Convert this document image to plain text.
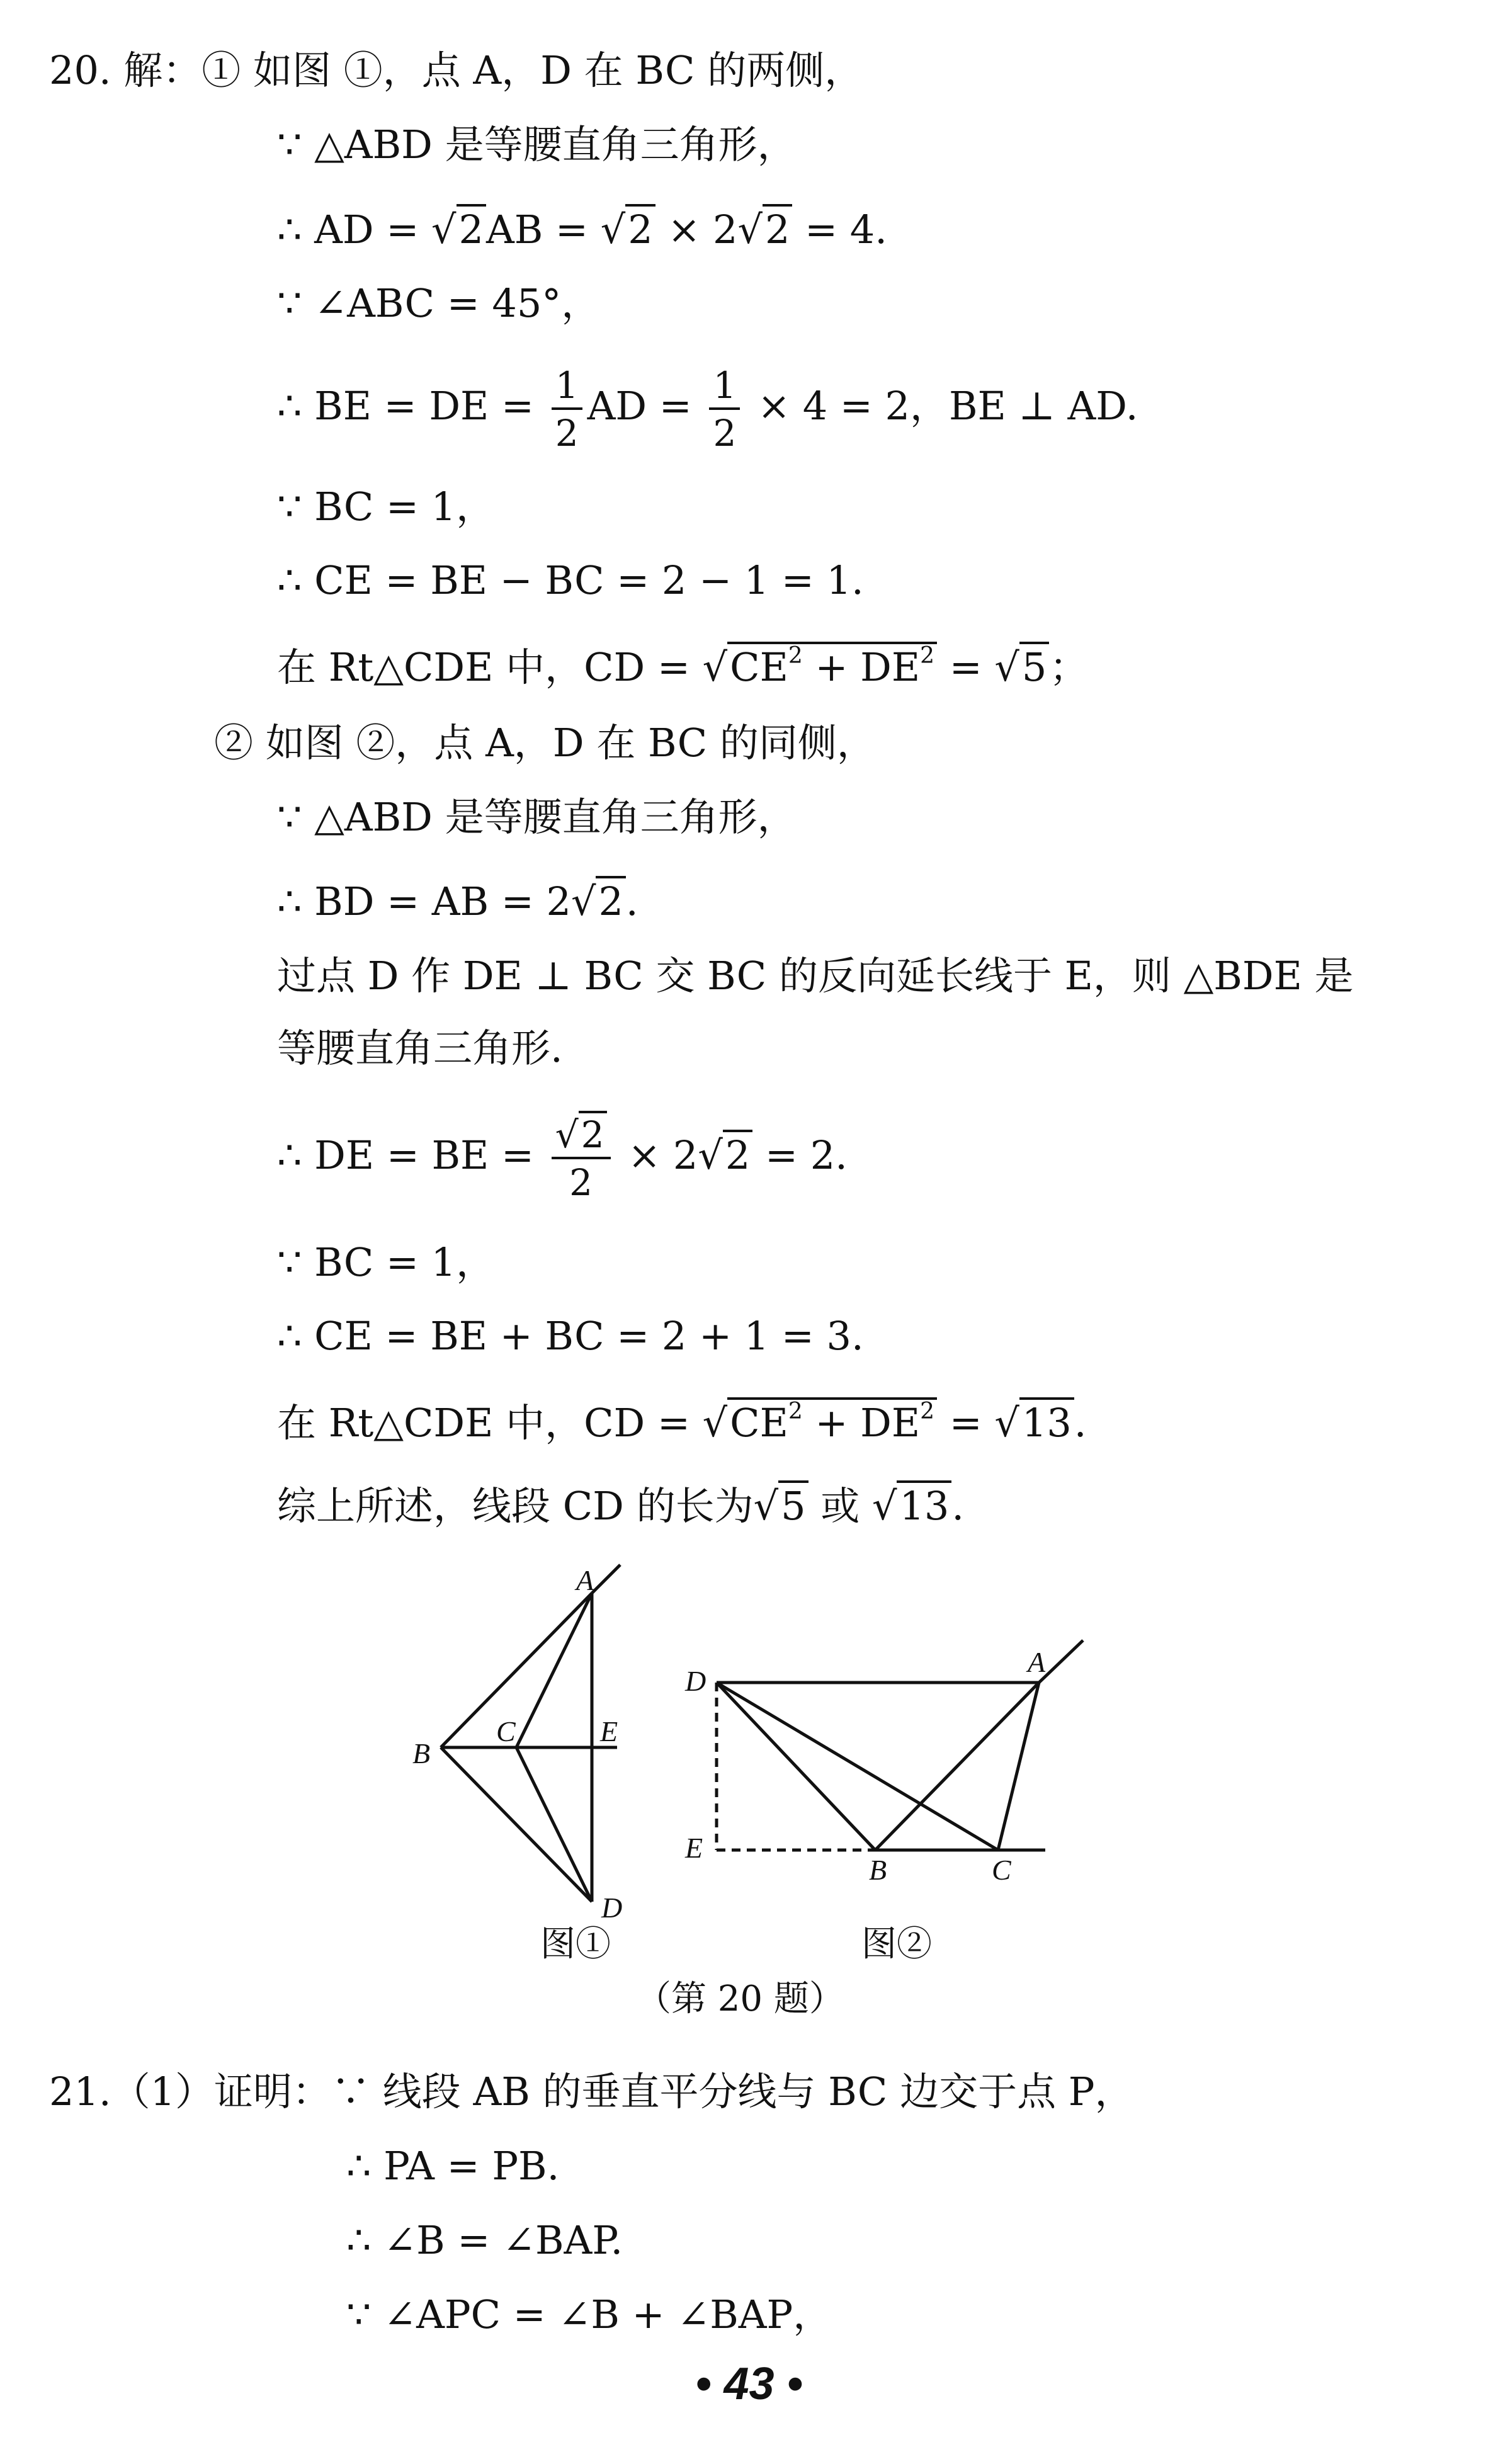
20. 解：① 如图 ①，点 A，D 在 BC 的两侧，
∵ △ABD 是等腰直角三角形，
∴ AD = √2AB = √2 × 2√2 = 4.
∵ ∠ABC = 45°，
∴ BE = DE = $\frac{1}{2}$ AD = $\frac{1}{2} \times 4 = 2$，BE ⊥ AD.
∵ BC = 1，
∴ CE = BE − BC = 2 − 1 = 1.
在 Rt△CDE 中，CD = $√CE^2 + DE^2 = √5$；
② 如图 ②，点 A，D 在 BC 的同侧，
∵ △ABD 是等腰直角三角形，
∴ BD = AB = 2√2.
过点 D 作 DE ⊥ BC 交 BC 的反向延长线于 E，则 △BDE 是
等腰直角三角形.
∴ DE = BE = $\frac{√2}{2} \times 2√2 = 2$.
∵ BC = 1，
∴ CE = BE + BC = 2 + 1 = 3.
在 Rt△CDE 中，CD = $√CE^2 + DE^2 = √13$.
综上所述，线段 CD 的长为√5 或 √13.
A
B
C	E
D
D
A
E
B	C
图①	图②
（第 20 题）
21.（1）证明：∵ 线段 AB 的垂直平分线与 BC 边交于点 P，
∴ PA = PB.
∴ ∠B = ∠BAP.
∵ ∠APC = ∠B + ∠BAP，
• 43 •
